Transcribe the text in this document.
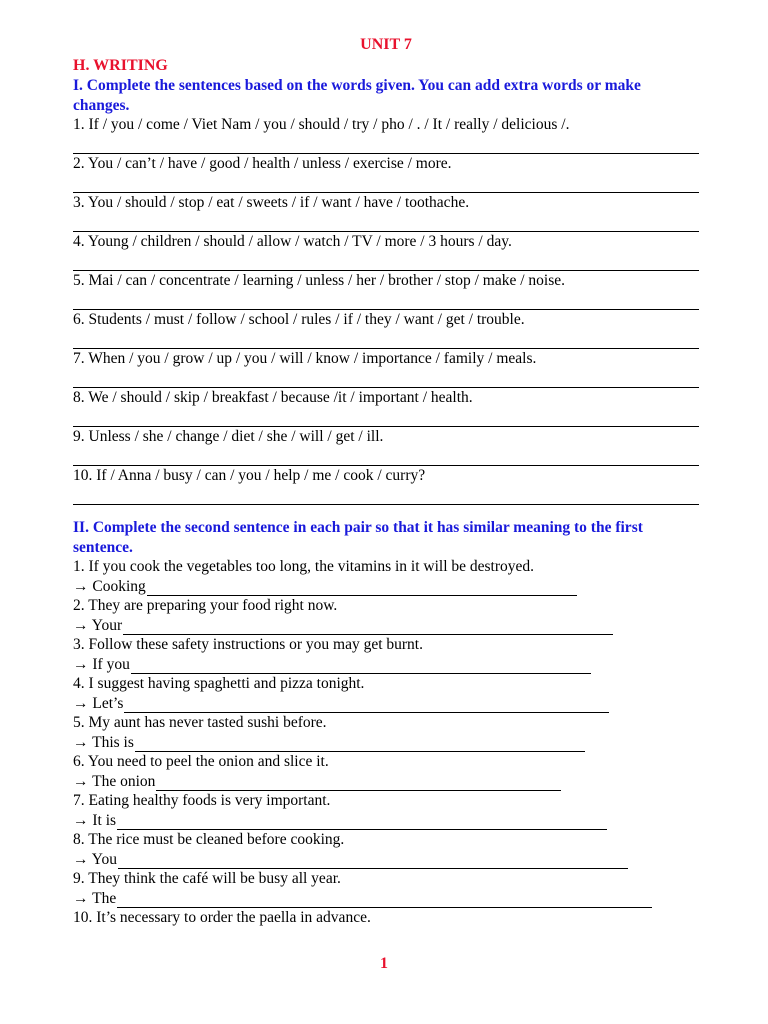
UNIT 7
H. WRITING
I. Complete the sentences based on the words given. You can add extra words or make changes.
1. If / you / come / Viet Nam / you / should / try / pho / . / It / really / delicious /.
2. You / can’t / have / good / health / unless / exercise / more.
3. You / should / stop / eat / sweets / if / want / have / toothache.
4. Young / children / should / allow / watch / TV / more / 3 hours / day.
5. Mai / can / concentrate / learning / unless / her / brother / stop / make / noise.
6. Students / must / follow / school / rules / if / they / want / get / trouble.
7. When / you / grow / up / you / will / know / importance / family / meals.
8. We / should / skip / breakfast / because /it / important / health.
9. Unless / she / change / diet / she / will / get / ill.
10. If / Anna / busy / can / you / help / me / cook / curry?
II. Complete the second sentence in each pair so that it has similar meaning to the first sentence.
1. If you cook the vegetables too long, the vitamins in it will be destroyed.
→ Cooking
2. They are preparing your food right now.
→ Your
3. Follow these safety instructions or you may get burnt.
→ If you
4. I suggest having spaghetti and pizza tonight.
→ Let’s
5. My aunt has never tasted sushi before.
→ This is
6. You need to peel the onion and slice it.
→ The onion
7. Eating healthy foods is very important.
→ It is
8. The rice must be cleaned before cooking.
→ You
9. They think the café will be busy all year.
→ The
10. It’s necessary to order the paella in advance.
1
